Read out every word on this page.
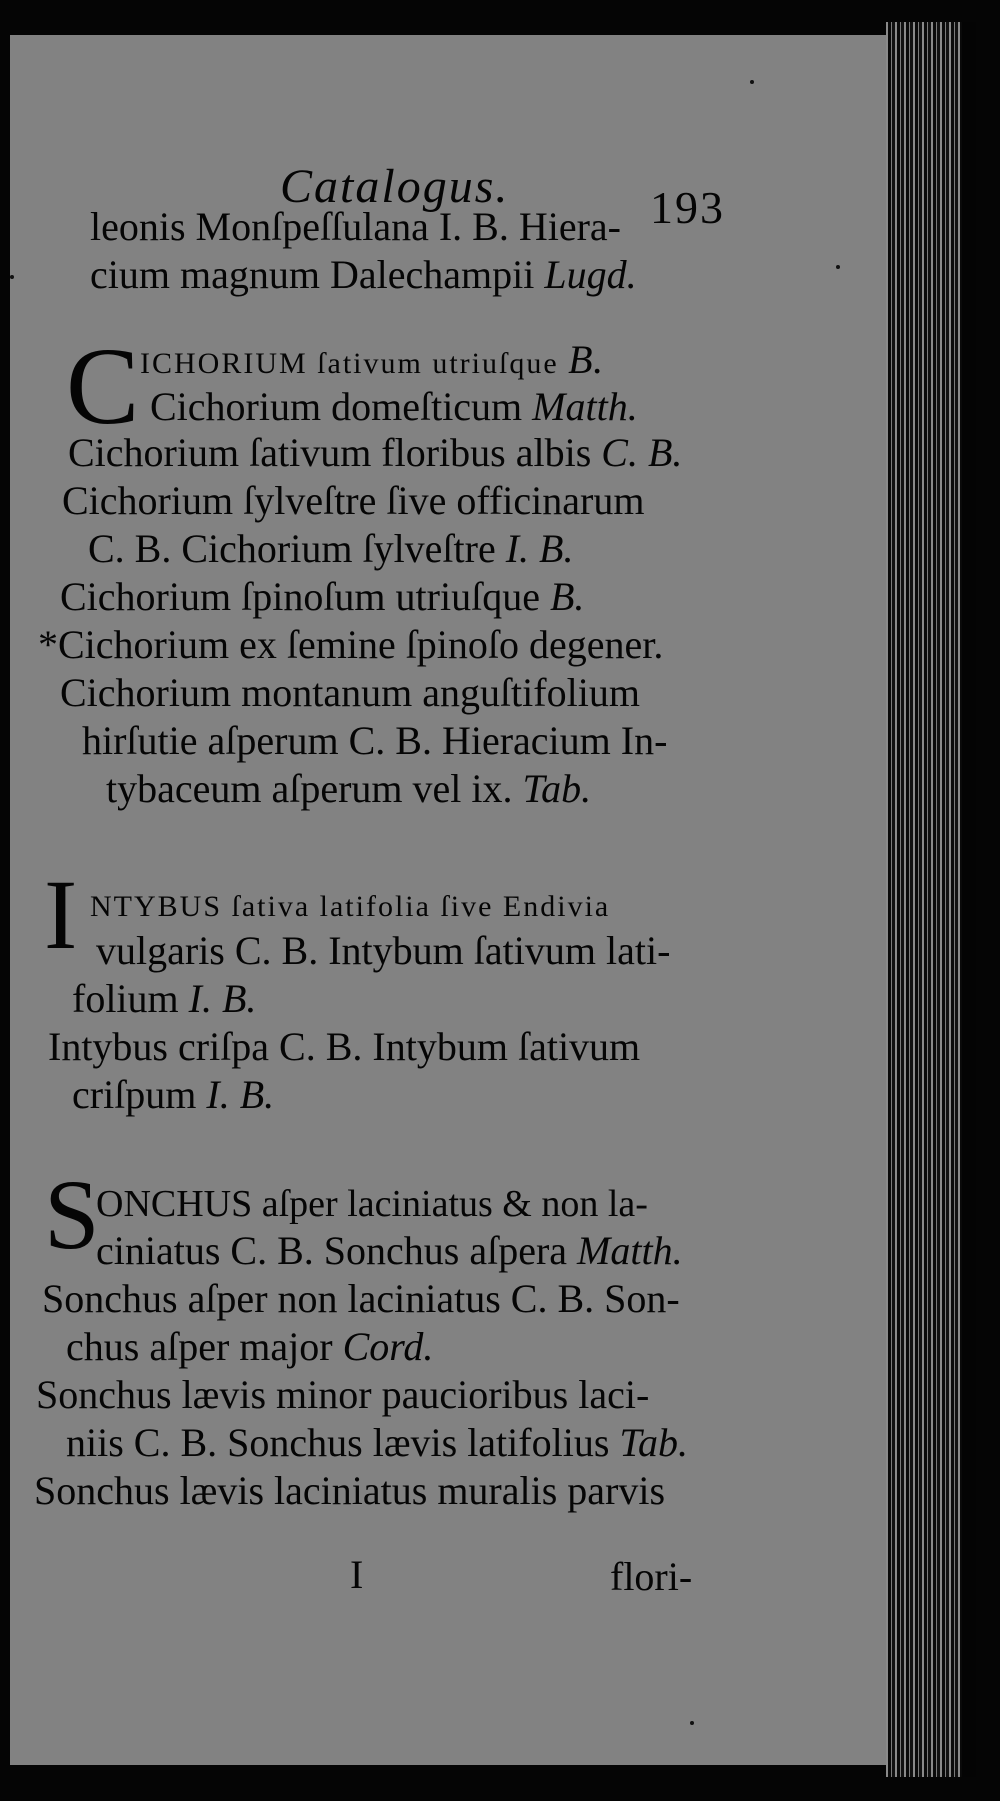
Catalogus.	193
leonis Monſpeſſulana I. B. Hiera-
cium magnum Dalechampii Lugd.
C ICHORIUM ſativum utriuſque B.
Cichorium domeſticum Matth.
Cichorium ſativum floribus albis C. B.
Cichorium ſylveſtre ſive officinarum
C. B. Cichorium ſylveſtre I. B.
Cichorium ſpinoſum utriuſque B.
*Cichorium ex ſemine ſpinoſo degener.
Cichorium montanum anguſtifolium
hirſutie aſperum C. B. Hieracium In-
tybaceum aſperum vel ix. Tab.
I NTYBUS ſativa latifolia ſive Endivia
vulgaris C. B. Intybum ſativum lati-
folium I. B.
Intybus criſpa C. B. Intybum ſativum
criſpum I. B.
S
ONCHUS aſper laciniatus & non la-
ciniatus C. B. Sonchus aſpera Matth.
Sonchus aſper non laciniatus C. B. Son-
chus aſper major Cord.
Sonchus lævis minor paucioribus laci-
niis C. B. Sonchus lævis latifolius Tab.
Sonchus lævis laciniatus muralis parvis
I	flori-
